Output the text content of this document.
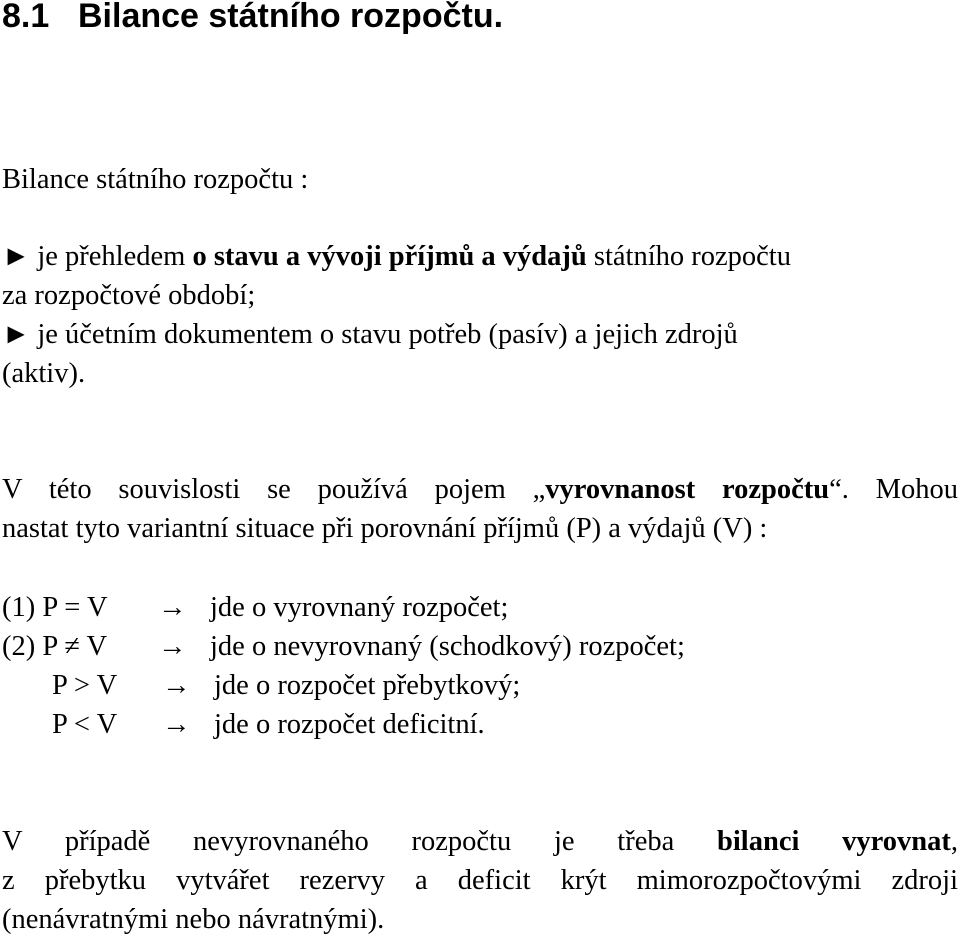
8.1 Bilance státního rozpočtu.
Bilance státního rozpočtu :
► je přehledem o stavu a vývoji příjmů a výdajů státního rozpočtu
za rozpočtové období;
► je účetním dokumentem o stavu potřeb (pasív) a jejich zdrojů
(aktiv).
V této souvislosti se používá pojem „vyrovnanost rozpočtu“. Mohou
nastat tyto variantní situace při porovnání příjmů (P) a výdajů (V) :
(1) P = V → jde o vyrovnaný rozpočet;
(2) P ≠ V → jde o nevyrovnaný (schodkový) rozpočet;
P > V → jde o rozpočet přebytkový;
P < V → jde o rozpočet deficitní.
V případě nevyrovnaného rozpočtu je třeba bilanci vyrovnat,
z přebytku vytvářet rezervy a deficit krýt mimorozpočtovými zdroji
(nenávratnými nebo návratnými).
